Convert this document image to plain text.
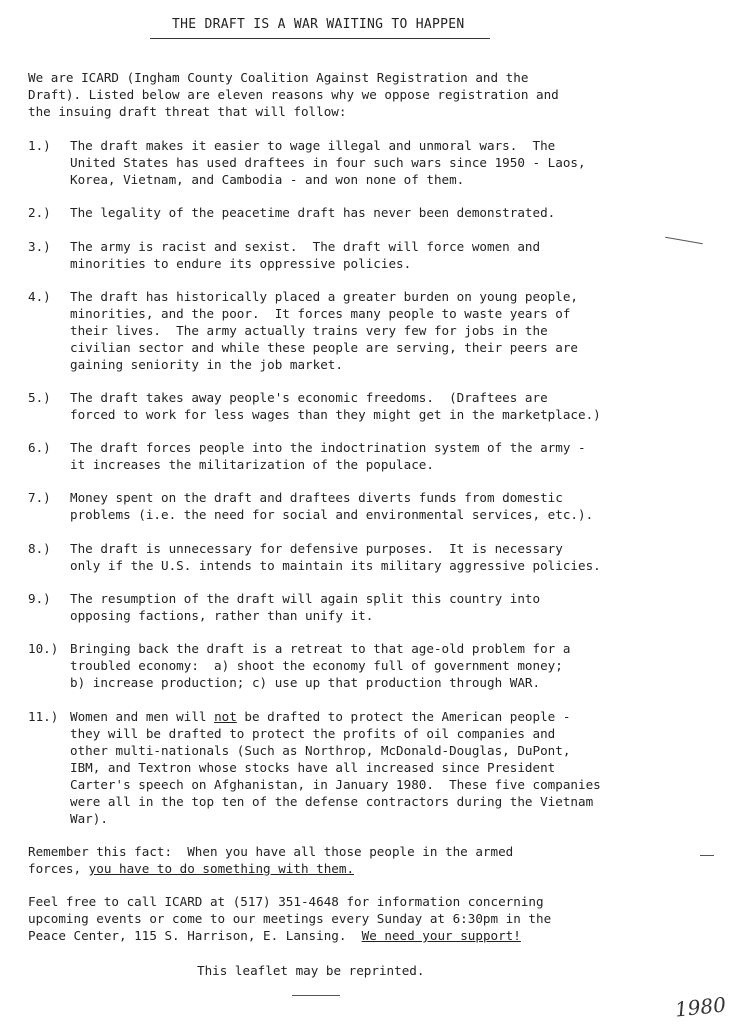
THE DRAFT IS A WAR WAITING TO HAPPEN

We are ICARD (Ingham County Coalition Against Registration and the
Draft). Listed below are eleven reasons why we oppose registration and
the insuing draft threat that will follow:

1.)	The draft makes it easier to wage illegal and unmoral wars.  The
United States has used draftees in four such wars since 1950 - Laos,
Korea, Vietnam, and Cambodia - and won none of them.
2.)	The legality of the peacetime draft has never been demonstrated.
3.)	The army is racist and sexist.  The draft will force women and
minorities to endure its oppressive policies.
4.)	The draft has historically placed a greater burden on young people,
minorities, and the poor.  It forces many people to waste years of
their lives.  The army actually trains very few for jobs in the
civilian sector and while these people are serving, their peers are
gaining seniority in the job market.
5.)	The draft takes away people's economic freedoms.  (Draftees are
forced to work for less wages than they might get in the marketplace.)
6.)	The draft forces people into the indoctrination system of the army -
it increases the militarization of the populace.
7.)	Money spent on the draft and draftees diverts funds from domestic
problems (i.e. the need for social and environmental services, etc.).
8.)	The draft is unnecessary for defensive purposes.  It is necessary
only if the U.S. intends to maintain its military aggressive policies.
9.)	The resumption of the draft will again split this country into
opposing factions, rather than unify it.
10.) Bringing back the draft is a retreat to that age-old problem for a
troubled economy:  a) shoot the economy full of government money;
b) increase production; c) use up that production through WAR.
11.) Women and men will not be drafted to protect the American people -
they will be drafted to protect the profits of oil companies and
other multi-nationals (Such as Northrop, McDonald-Douglas, DuPont,
IBM, and Textron whose stocks have all increased since President
Carter's speech on Afghanistan, in January 1980.  These five companies
were all in the top ten of the defense contractors during the Vietnam
War).

Remember this fact:  When you have all those people in the armed
forces, you have to do something with them.

Feel free to call ICARD at (517) 351-4648 for information concerning
upcoming events or come to our meetings every Sunday at 6:30pm in the
Peace Center, 115 S. Harrison, E. Lansing.  We need your support!

This leaflet may be reprinted.
1980
